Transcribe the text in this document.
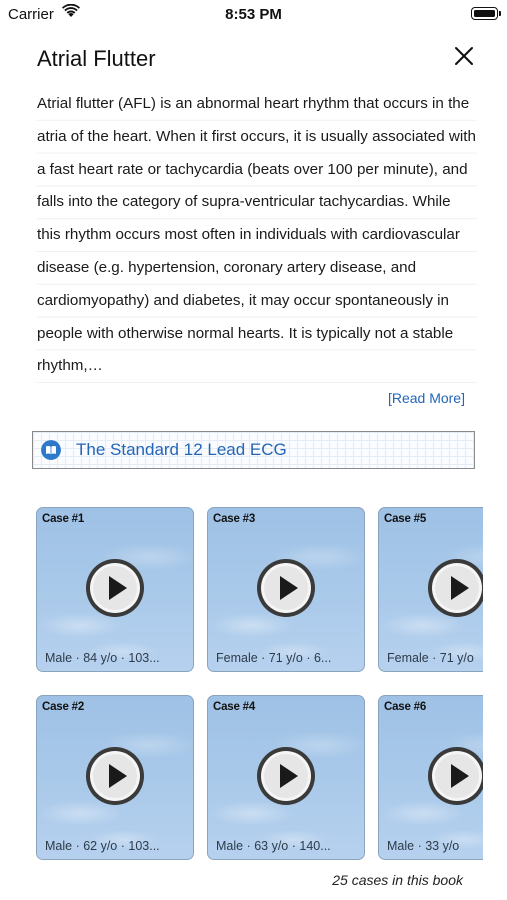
Carrier	8:53 PM
Atrial Flutter
Atrial flutter (AFL) is an abnormal heart rhythm that occurs in the atria of the heart. When it first occurs, it is usually associated with a fast heart rate or tachycardia (beats over 100 per minute), and falls into the category of supra-ventricular tachycardias. While this rhythm occurs most often in individuals with cardiovascular disease (e.g. hypertension, coronary artery disease, and cardiomyopathy) and diabetes, it may occur spontaneously in people with otherwise normal hearts. It is typically not a stable rhythm,…
[Read More]
The Standard 12 Lead ECG
Case #1
Male · 84 y/o · 103...
Case #3
Female · 71 y/o · 6...
Case #5
Female · 71 y/o
Case #2
Male · 62 y/o · 103...
Case #4
Male · 63 y/o · 140...
Case #6
Male · 33 y/o
25 cases in this book
